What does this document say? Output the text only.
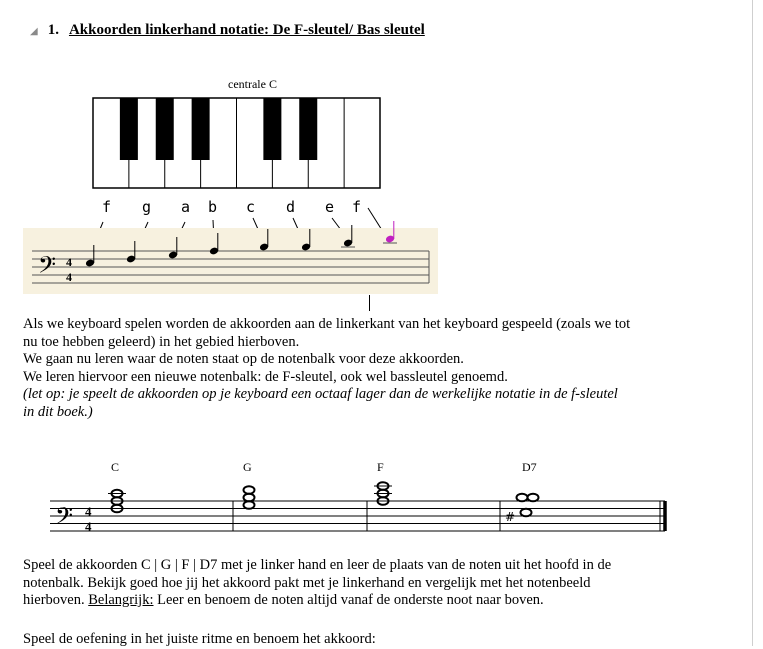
◢ 1. Akkoorden linkerhand notatie: De F-sleutel/ Bas sleutel
centrale C
f g a b c d e f
𝄢 4
4
C	G	F	D7
𝄢 4
4
#
Als we keyboard spelen worden de akkoorden aan de linkerkant van het keyboard gespeeld (zoals we tot
nu toe hebben geleerd) in het gebied hierboven.
We gaan nu leren waar de noten staat op de notenbalk voor deze akkoorden.
We leren hiervoor een nieuwe notenbalk: de F-sleutel, ook wel bassleutel genoemd.
(let op: je speelt de akkoorden op je keyboard een octaaf lager dan de werkelijke notatie in de f-sleutel
in dit boek.)
Speel de akkoorden C | G | F | D7 met je linker hand en leer de plaats van de noten uit het hoofd in de
notenbalk. Bekijk goed hoe jij het akkoord pakt met je linkerhand en vergelijk met het notenbeeld
hierboven. Belangrijk: Leer en benoem de noten altijd vanaf de onderste noot naar boven.
Speel de oefening in het juiste ritme en benoem het akkoord:
